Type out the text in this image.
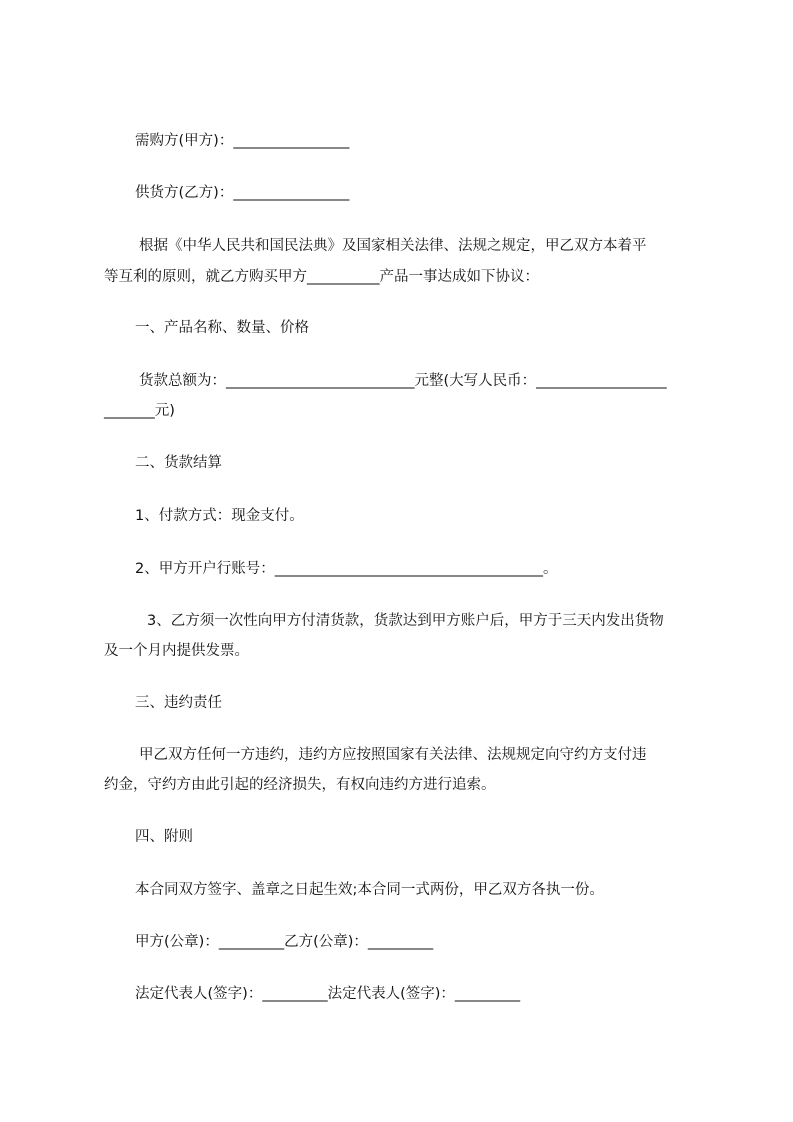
需购方(甲方)：________________
供货方(乙方)：________________
根据《中华人民共和国民法典》及国家相关法律、法规之规定，甲乙双方本着平
等互利的原则，就乙方购买甲方__________产品一事达成如下协议：
一、产品名称、数量、价格
货款总额为：__________________________元整(大写人民币：__________________
_______元)
二、货款结算
1、付款方式：现金支付。
2、甲方开户行账号：_____________________________________。
3、乙方须一次性向甲方付清货款，货款达到甲方账户后，甲方于三天内发出货物
及一个月内提供发票。
三、违约责任
甲乙双方任何一方违约，违约方应按照国家有关法律、法规规定向守约方支付违
约金，守约方由此引起的经济损失，有权向违约方进行追索。
四、附则
本合同双方签字、盖章之日起生效;本合同一式两份，甲乙双方各执一份。
甲方(公章)：_________乙方(公章)：_________
法定代表人(签字)：_________法定代表人(签字)：_________
